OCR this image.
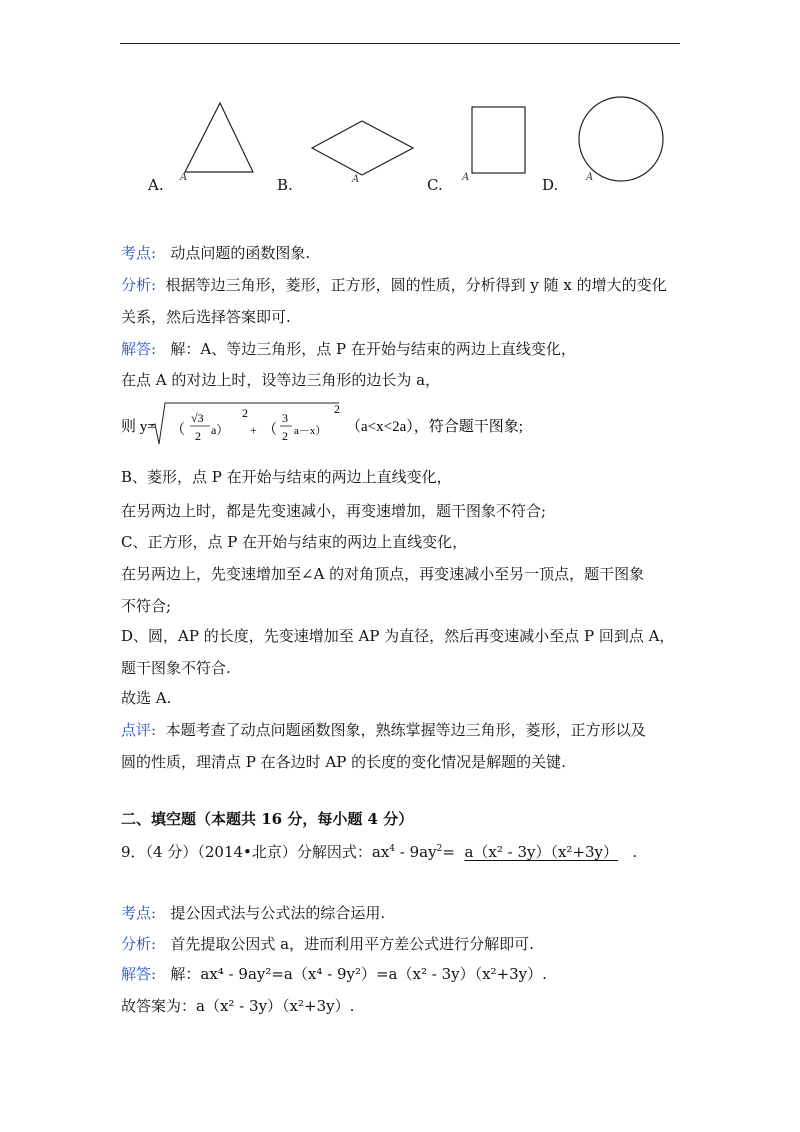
A. A	B.	A	C. A	D.	A
考点: 动点问题的函数图象.
分析: 根据等边三角形，菱形，正方形，圆的性质，分析得到 y 随 x 的增大的变化
关系，然后选择答案即可.
解答: 解：A、等边三角形，点 P 在开始与结束的两边上直线变化，
在点 A 的对边上时，设等边三角形的边长为 a，
则 y= （
√3
2 a）
2
+ （
3
2 a－x）
2
（a<x<2a），符合题干图象;
B、菱形，点 P 在开始与结束的两边上直线变化，
在另两边上时，都是先变速减小，再变速增加，题干图象不符合;
C、正方形，点 P 在开始与结束的两边上直线变化，
在另两边上，先变速增加至∠A 的对角顶点，再变速减小至另一顶点，题干图象
不符合;
D、圆，AP 的长度，先变速增加至 AP 为直径，然后再变速减小至点 P 回到点 A，
题干图象不符合.
故选 A.
点评: 本题考查了动点问题函数图象，熟练掌握等边三角形，菱形，正方形以及
圆的性质，理清点 P 在各边时 AP 的长度的变化情况是解题的关键.
二、填空题（本题共 16 分，每小题 4 分）
9．（4 分）（2014•北京）分解因式：$ax^4 - 9ay^2= a(x^2 - 3y)(x^2+3y)$   .
考点: 提公因式法与公式法的综合运用.
分析: 首先提取公因式 a，进而利用平方差公式进行分解即可.
解答: 解：ax⁴ - 9ay²=a（x⁴ - 9y²）=a（x² - 3y）（x²+3y）.
故答案为：a（x² - 3y）（x²+3y）.
